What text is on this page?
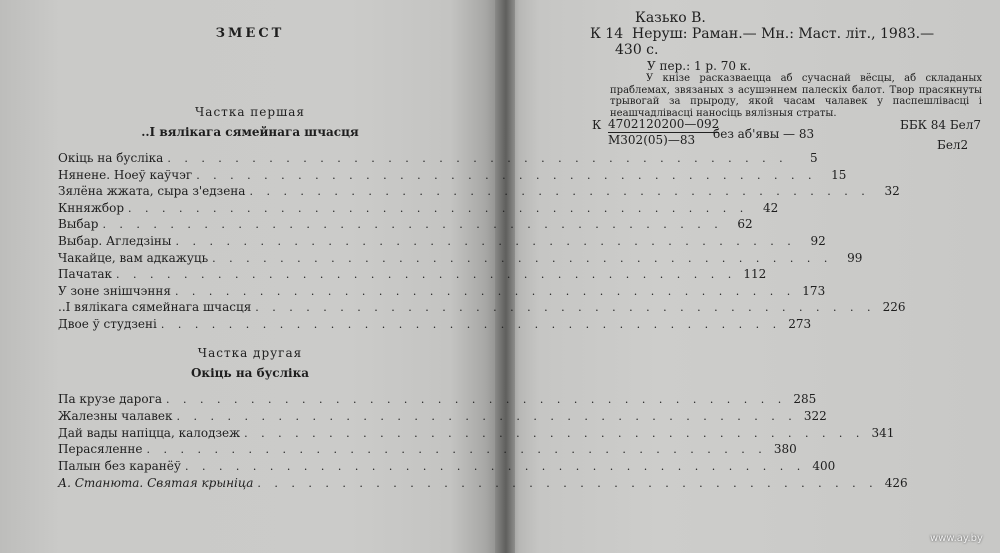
ЗМЕСТ
Частка першая
..І вялікага сямейнага шчасця
Окіць на бусліка . . . . . . . . . . . . . . . . . . . . . . . . . . . . . . . . . . . . .	5
Нянене. Ноеў каўчэг . . . . . . . . . . . . . . . . . . . . . . . . . . . . . . . . . . . . .	15
Зялёна жжата, сыра з'едзена . . . . . . . . . . . . . . . . . . . . . . . . . . . . . . . . . . . . .	32
Кнняжбор . . . . . . . . . . . . . . . . . . . . . . . . . . . . . . . . . . . . .	42
Выбар . . . . . . . . . . . . . . . . . . . . . . . . . . . . . . . . . . . . .	62
Выбар. Агледзіны . . . . . . . . . . . . . . . . . . . . . . . . . . . . . . . . . . . . .	92
Чакайце, вам адкажуць . . . . . . . . . . . . . . . . . . . . . . . . . . . . . . . . . . . . .	99
Пачатак . . . . . . . . . . . . . . . . . . . . . . . . . . . . . . . . . . . . . 112
У зоне знішчэння . . . . . . . . . . . . . . . . . . . . . . . . . . . . . . . . . . . . . 173
..І вялікага сямейнага шчасця . . . . . . . . . . . . . . . . . . . . . . . . . . . . . . . . . . . . . 226
Двое ў студзені . . . . . . . . . . . . . . . . . . . . . . . . . . . . . . . . . . . . . 273
Частка другая
Окіць на бусліка
Па крузе дарога . . . . . . . . . . . . . . . . . . . . . . . . . . . . . . . . . . . . . 285
Жалезны чалавек . . . . . . . . . . . . . . . . . . . . . . . . . . . . . . . . . . . . . 322
Дай вады напіцца, калодзеж . . . . . . . . . . . . . . . . . . . . . . . . . . . . . . . . . . . . . 341
Перасяленне . . . . . . . . . . . . . . . . . . . . . . . . . . . . . . . . . . . . . 380
Палын без каранёў . . . . . . . . . . . . . . . . . . . . . . . . . . . . . . . . . . . . . 400
А. Станюта. Святая крыніца . . . . . . . . . . . . . . . . . . . . . . . . . . . . . . . . . . . . . 426
Казько В.
К 14 Неруш: Раман.— Мн.: Маст. літ., 1983.—
430 с.
У пер.: 1 р. 70 к.
У кнізе расказваецца аб сучаснай вёсцы, аб складаных праблемах, звязаных з асушэннем палескіх балот. Твор прасякнуты трывогай за прыроду, якой часам чалавек у паспешлівасці і неашчадлівасці наносіць вялізныя страты.
К 4702120200—092
М302(05)—83	без аб'явы — 83
ББК 84 Бел7
Бел2
www.ay.by
